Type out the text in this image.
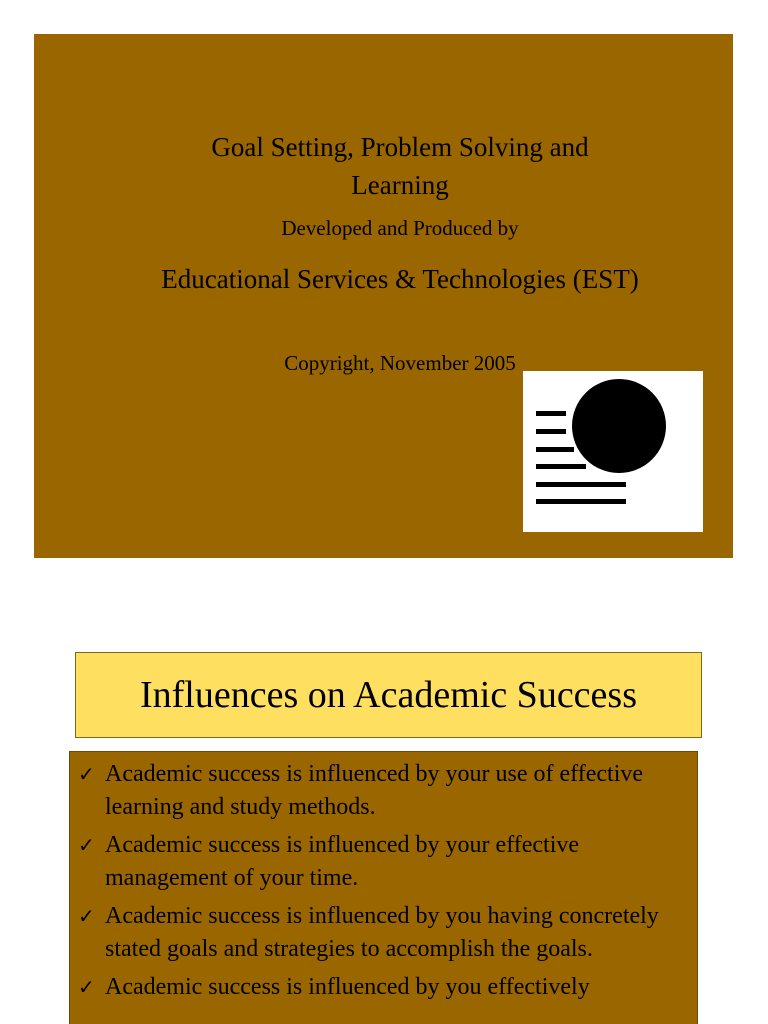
Goal Setting, Problem Solving and Learning
Developed and Produced by
Educational Services & Technologies (EST)
Copyright, November 2005
Influences on Academic Success
✓ Academic success is influenced by your use of effective learning and study methods.
✓ Academic success is influenced by your effective management of your time.
✓ Academic success is influenced by you having concretely stated goals and strategies to accomplish the goals.
✓ Academic success is influenced by you effectively
